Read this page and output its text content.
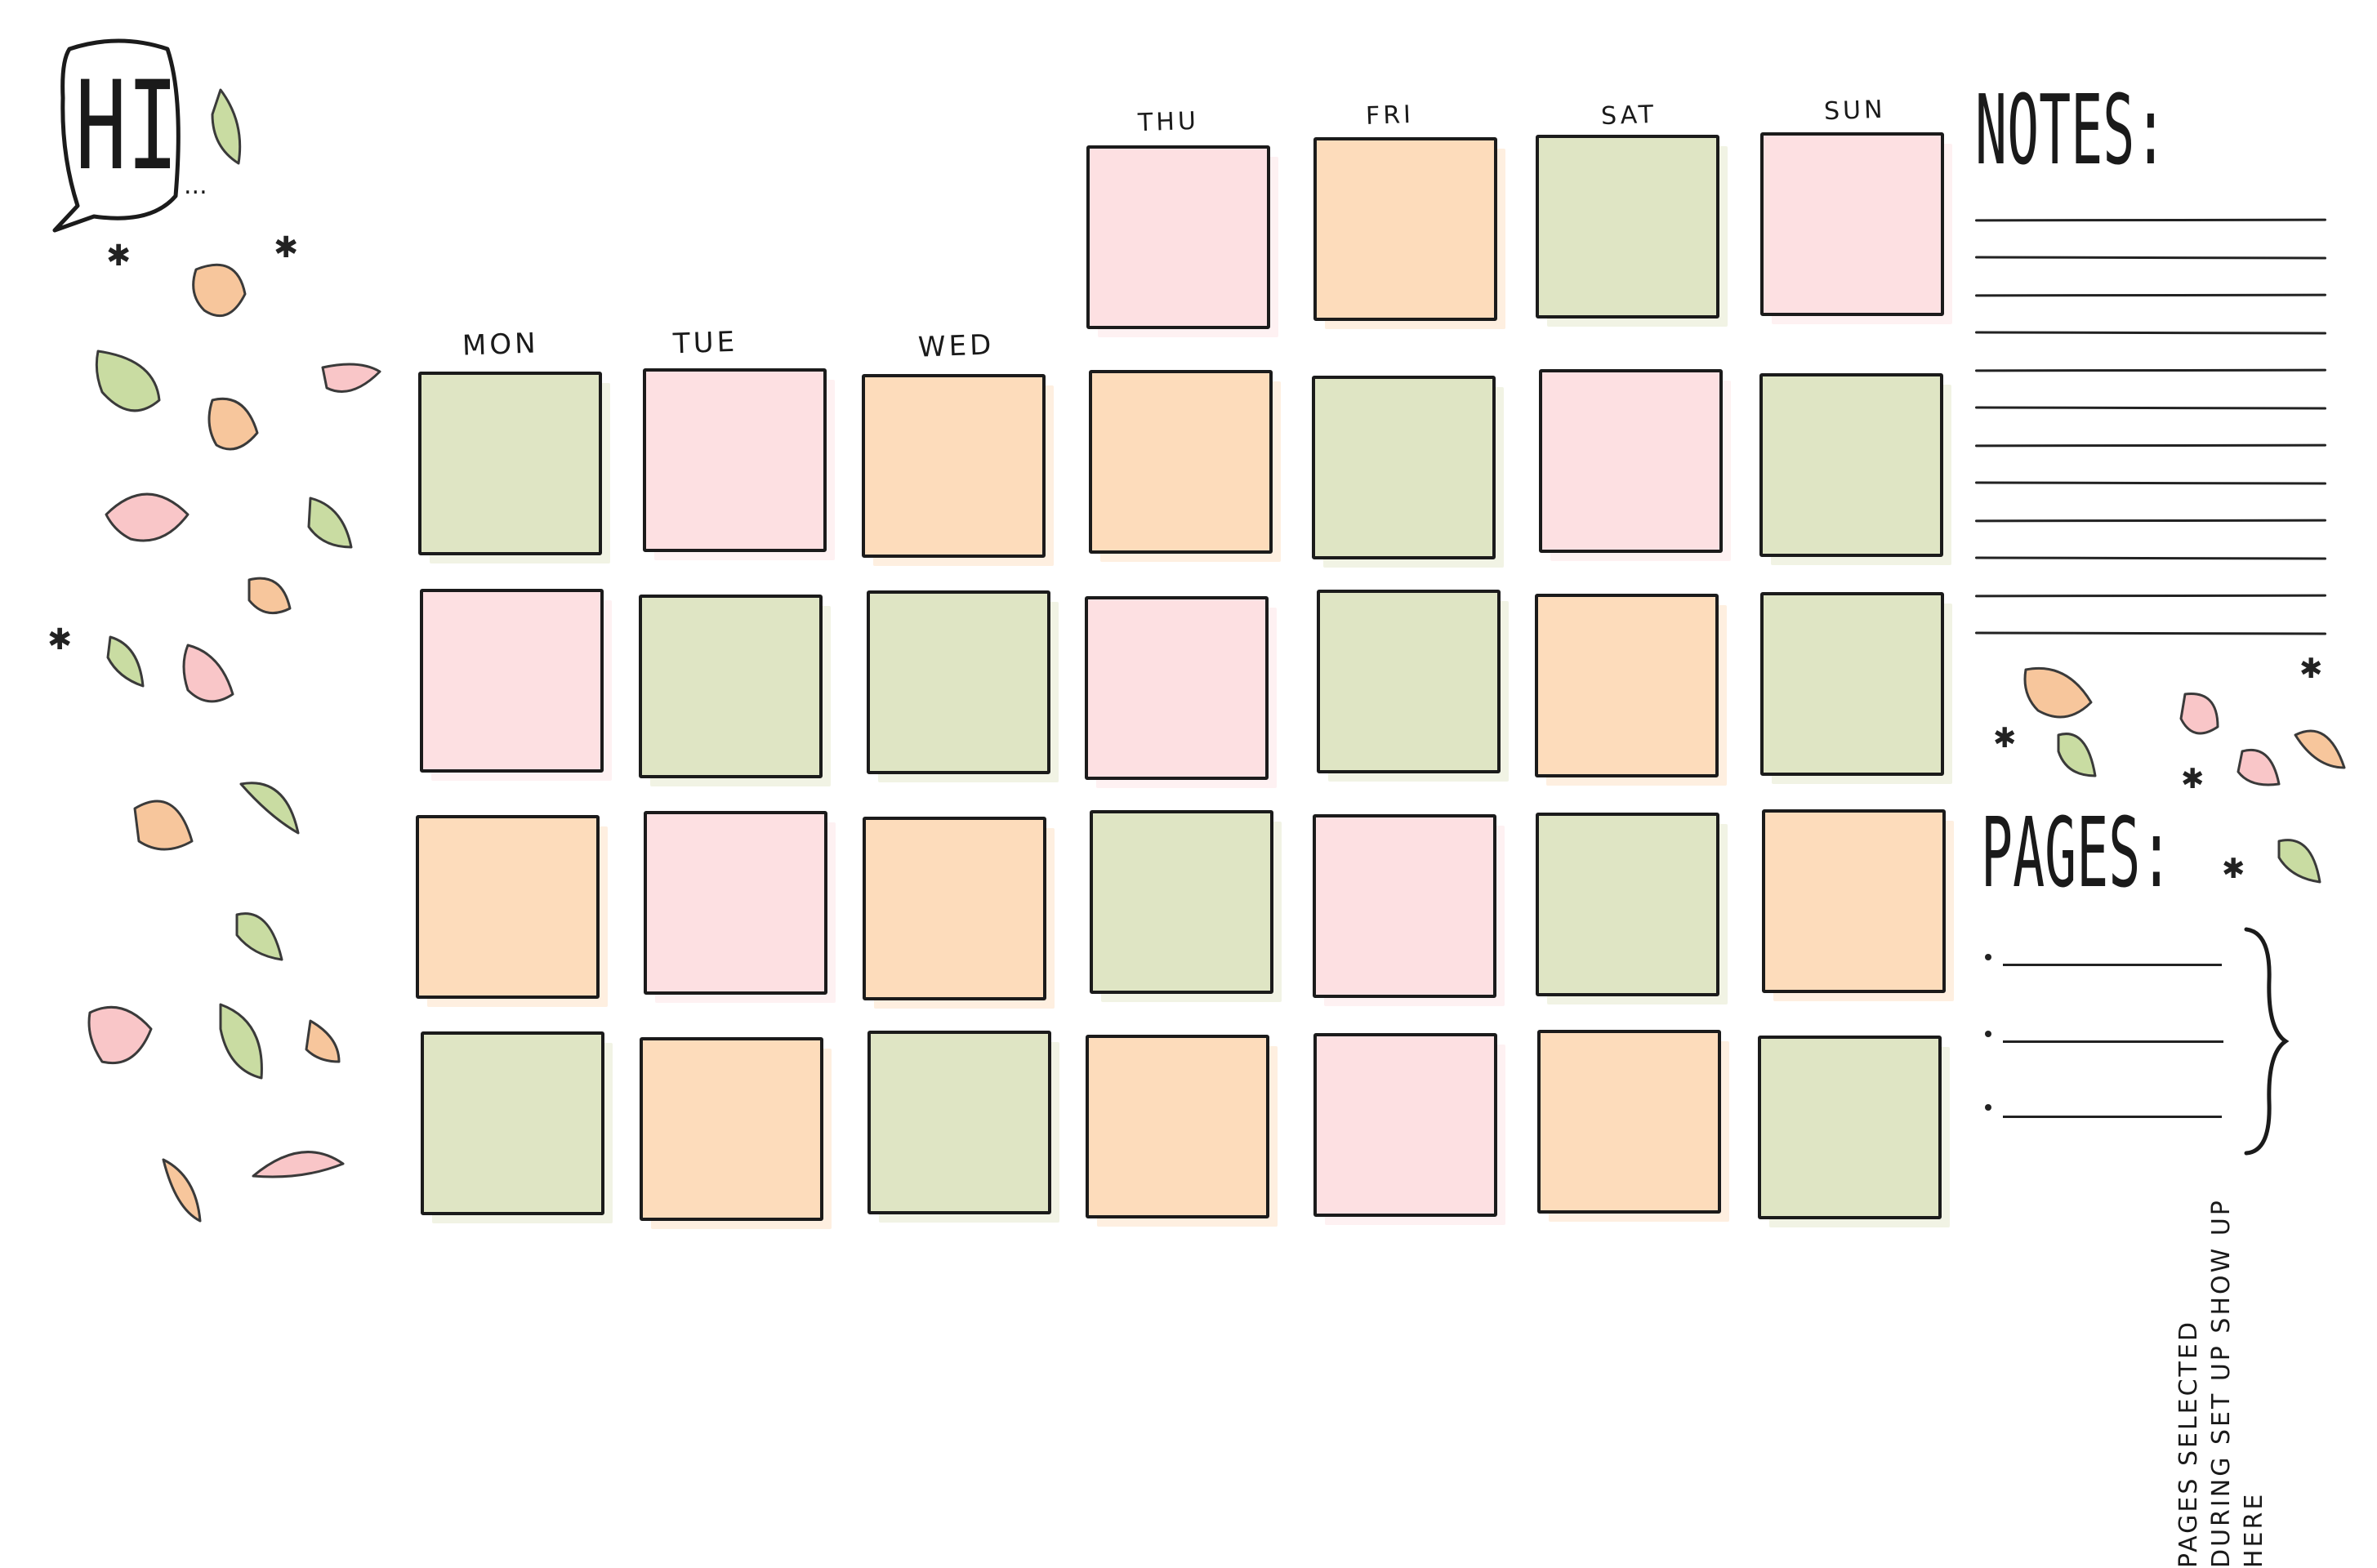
HI ...
✱	✱
✱
MON	TUE	WED
THU	FRI	SAT	SUN NOTES:
✱
✱
✱
✱
PAGES:
PAGES SELECTED DURING SET UP SHOW UP HERE
